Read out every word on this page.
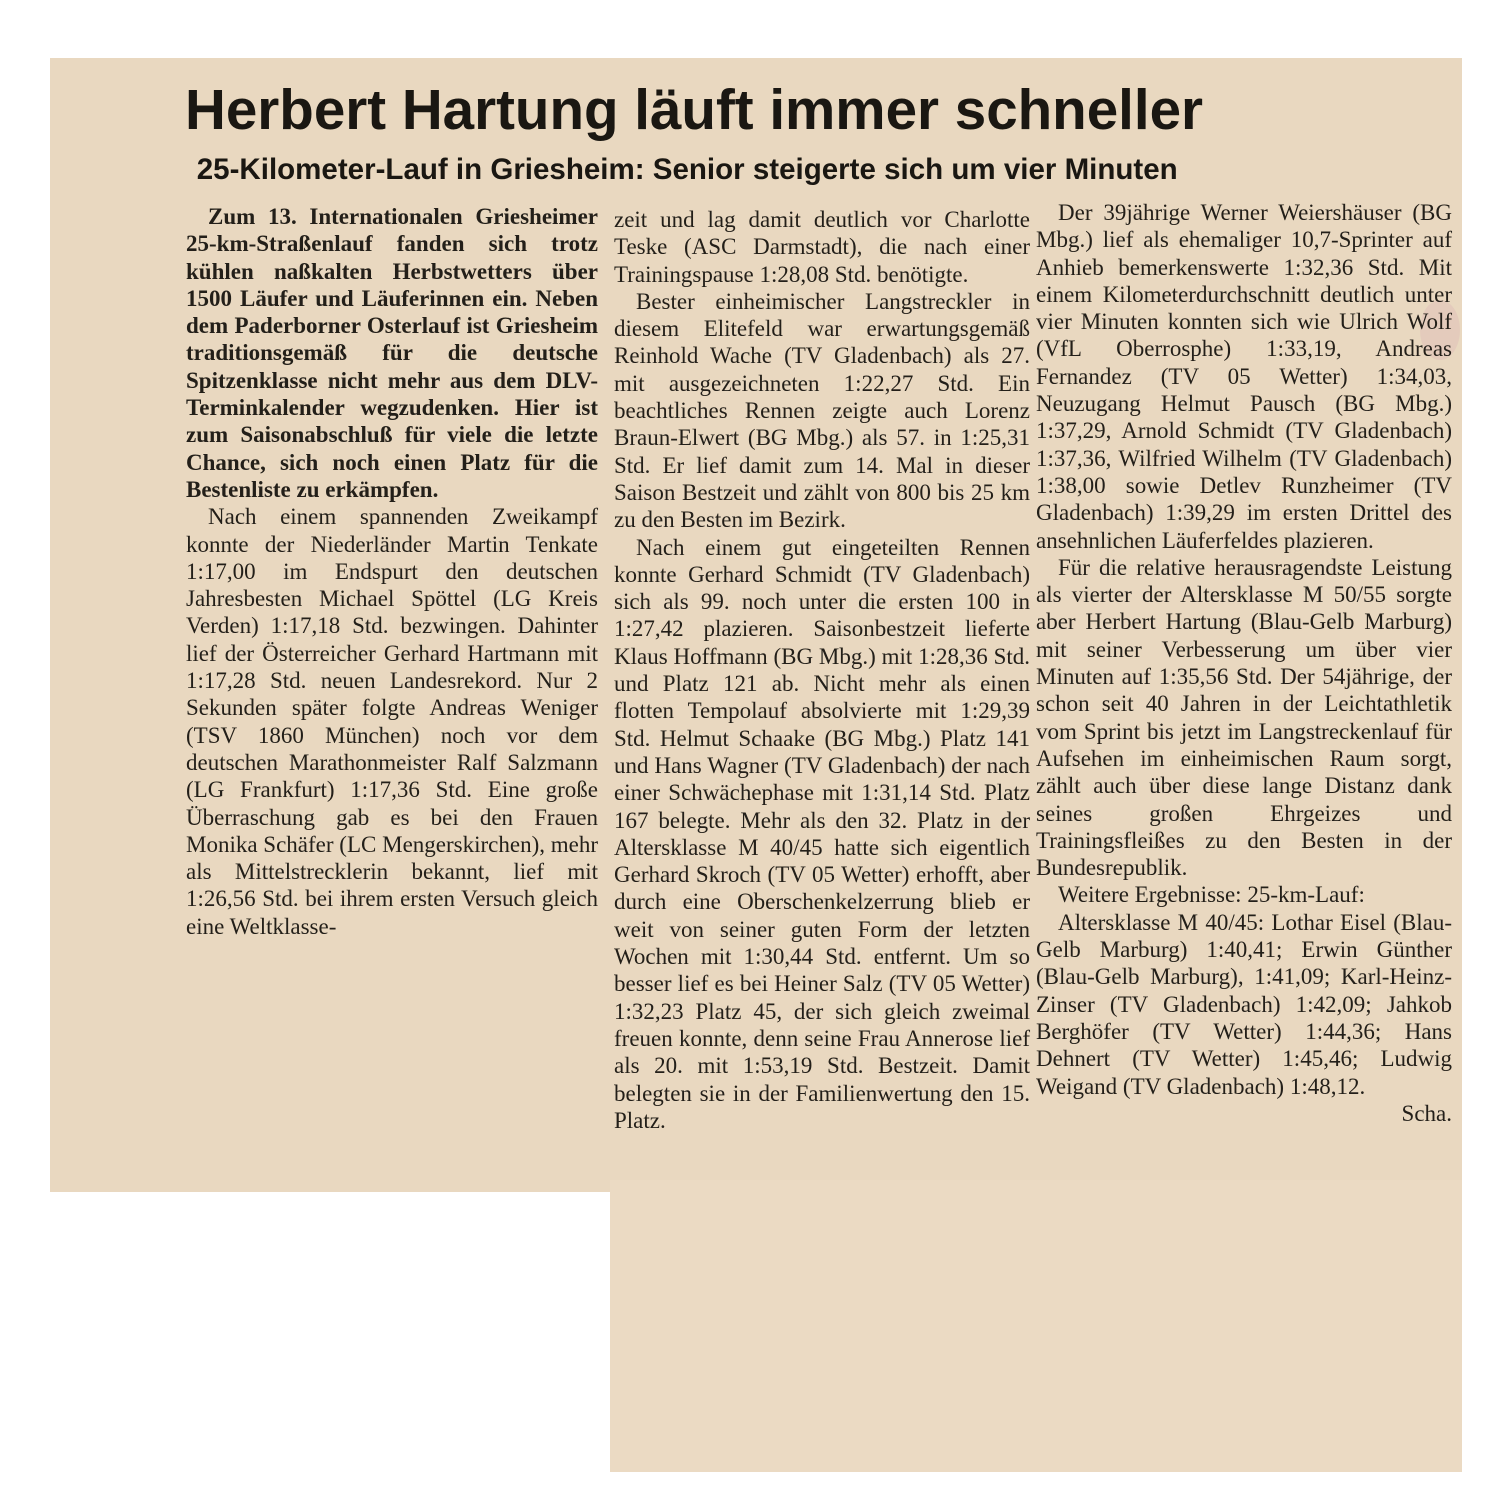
Herbert Hartung läuft immer schneller
25-Kilometer-Lauf in Griesheim: Senior steigerte sich um vier Minuten

Zum 13. Internationalen Griesheimer 25-km-Straßenlauf fanden sich trotz kühlen naßkalten Herbstwetters über 1500 Läufer und Läuferinnen ein. Neben dem Paderborner Osterlauf ist Griesheim traditionsgemäß für die deutsche Spitzenklasse nicht mehr aus dem DLV-Terminkalender wegzudenken. Hier ist zum Saisonabschluß für viele die letzte Chance, sich noch einen Platz für die Bestenliste zu erkämpfen.

Nach einem spannenden Zweikampf konnte der Niederländer Martin Tenkate 1:17,00 im Endspurt den deutschen Jahresbesten Michael Spöttel (LG Kreis Verden) 1:17,18 Std. bezwingen. Dahinter lief der Österreicher Gerhard Hartmann mit 1:17,28 Std. neuen Landesrekord. Nur 2 Sekunden später folgte Andreas Weniger (TSV 1860 München) noch vor dem deutschen Marathonmeister Ralf Salzmann (LG Frankfurt) 1:17,36 Std. Eine große Überraschung gab es bei den Frauen Monika Schäfer (LC Mengerskirchen), mehr als Mittelstrecklerin bekannt, lief mit 1:26,56 Std. bei ihrem ersten Versuch gleich eine Weltklasse-

zeit und lag damit deutlich vor Charlotte Teske (ASC Darmstadt), die nach einer Trainingspause 1:28,08 Std. benötigte.

Bester einheimischer Langstreckler in diesem Elitefeld war erwartungsgemäß Reinhold Wache (TV Gladenbach) als 27. mit ausgezeichneten 1:22,27 Std. Ein beachtliches Rennen zeigte auch Lorenz Braun-Elwert (BG Mbg.) als 57. in 1:25,31 Std. Er lief damit zum 14. Mal in dieser Saison Bestzeit und zählt von 800 bis 25 km zu den Besten im Bezirk.

Nach einem gut eingeteilten Rennen konnte Gerhard Schmidt (TV Gladenbach) sich als 99. noch unter die ersten 100 in 1:27,42 plazieren. Saisonbestzeit lieferte Klaus Hoffmann (BG Mbg.) mit 1:28,36 Std. und Platz 121 ab. Nicht mehr als einen flotten Tempolauf absolvierte mit 1:29,39 Std. Helmut Schaake (BG Mbg.) Platz 141 und Hans Wagner (TV Gladenbach) der nach einer Schwächephase mit 1:31,14 Std. Platz 167 belegte. Mehr als den 32. Platz in der Altersklasse M 40/45 hatte sich eigentlich Gerhard Skroch (TV 05 Wetter) erhofft, aber durch eine Oberschenkelzerrung blieb er weit von seiner guten Form der letzten Wochen mit 1:30,44 Std. entfernt. Um so besser lief es bei Heiner Salz (TV 05 Wetter) 1:32,23 Platz 45, der sich gleich zweimal freuen konnte, denn seine Frau Annerose lief als 20. mit 1:53,19 Std. Bestzeit. Damit belegten sie in der Familienwertung den 15. Platz.

Der 39jährige Werner Weiershäuser (BG Mbg.) lief als ehemaliger 10,7-Sprinter auf Anhieb bemerkenswerte 1:32,36 Std. Mit einem Kilometerdurchschnitt deutlich unter vier Minuten konnten sich wie Ulrich Wolf (VfL Oberrosphe) 1:33,19, Andreas Fernandez (TV 05 Wetter) 1:34,03, Neuzugang Helmut Pausch (BG Mbg.) 1:37,29, Arnold Schmidt (TV Gladenbach) 1:37,36, Wilfried Wilhelm (TV Gladenbach) 1:38,00 sowie Detlev Runzheimer (TV Gladenbach) 1:39,29 im ersten Drittel des ansehnlichen Läuferfeldes plazieren.

Für die relative herausragendste Leistung als vierter der Altersklasse M 50/55 sorgte aber Herbert Hartung (Blau-Gelb Marburg) mit seiner Verbesserung um über vier Minuten auf 1:35,56 Std. Der 54jährige, der schon seit 40 Jahren in der Leichtathletik vom Sprint bis jetzt im Langstreckenlauf für Aufsehen im einheimischen Raum sorgt, zählt auch über diese lange Distanz dank seines großen Ehrgeizes und Trainingsfleißes zu den Besten in der Bundesrepublik.

Weitere Ergebnisse: 25-km-Lauf:

Altersklasse M 40/45: Lothar Eisel (Blau-Gelb Marburg) 1:40,41; Erwin Günther (Blau-Gelb Marburg), 1:41,09; Karl-Heinz-Zinser (TV Gladenbach) 1:42,09; Jahkob Berghöfer (TV Wetter) 1:44,36; Hans Dehnert (TV Wetter) 1:45,46; Ludwig Weigand (TV Gladenbach) 1:48,12.

Scha.
